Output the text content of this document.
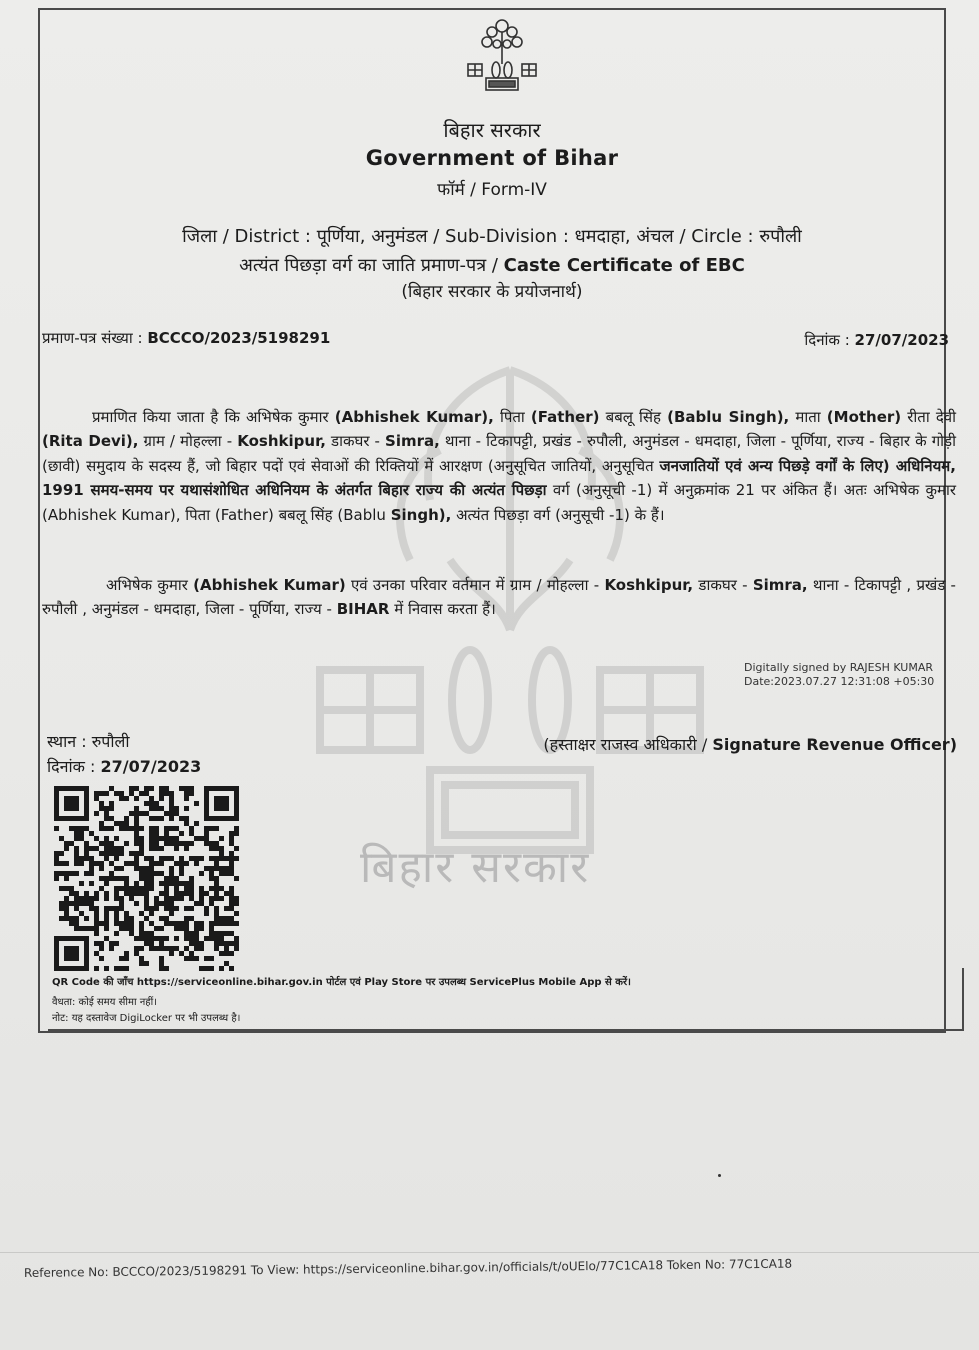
बिहार सरकार
बिहार सरकार
Government of Bihar
फॉर्म / Form-IV
जिला / District : पूर्णिया, अनुमंडल / Sub-Division : धमदाहा, अंचल / Circle : रुपौली
अत्यंत पिछड़ा वर्ग का जाति प्रमाण-पत्र / Caste Certificate of EBC
(बिहार सरकार के प्रयोजनार्थ)
प्रमाण-पत्र संख्या : BCCCO/2023/5198291	दिनांक : 27/07/2023
प्रमाणित किया जाता है कि अभिषेक कुमार (Abhishek Kumar), पिता (Father) बबलू सिंह (Bablu Singh), माता (Mother) रीता देवी (Rita Devi), ग्राम / मोहल्ला - Koshkipur, डाकघर - Simra, थाना - टिकापट्टी, प्रखंड - रुपौली, अनुमंडल - धमदाहा, जिला - पूर्णिया, राज्य - बिहार के गोड़ी (छावी) समुदाय के सदस्य हैं, जो बिहार पदों एवं सेवाओं की रिक्तियों में आरक्षण (अनुसूचित जातियों, अनुसूचित जनजातियों एवं अन्य पिछड़े वर्गों के लिए) अधिनियम, 1991 समय-समय पर यथासंशोधित अधिनियम के अंतर्गत बिहार राज्य की अत्यंत पिछड़ा वर्ग (अनुसूची -1) में अनुक्रमांक 21 पर अंकित हैं। अतः अभिषेक कुमार (Abhishek Kumar), पिता (Father) बबलू सिंह (Bablu Singh), अत्यंत पिछड़ा वर्ग (अनुसूची -1) के हैं।
अभिषेक कुमार (Abhishek Kumar) एवं उनका परिवार वर्तमान में ग्राम / मोहल्ला - Koshkipur, डाकघर - Simra, थाना - टिकापट्टी , प्रखंड - रुपौली , अनुमंडल - धमदाहा, जिला - पूर्णिया, राज्य - BIHAR में निवास करता हैं।
Digitally signed by RAJESH KUMAR
Date:2023.07.27 12:31:08 +05:30
स्थान : रुपौली
दिनांक : 27/07/2023
(हस्ताक्षर राजस्व अधिकारी / Signature Revenue Officer)
QR Code की जाँच https://serviceonline.bihar.gov.in पोर्टल एवं Play Store पर उपलब्ध ServicePlus Mobile App से करें।
वैधता: कोई समय सीमा नहीं।
नोट: यह दस्तावेज DigiLocker पर भी उपलब्ध है।
Reference No: BCCCO/2023/5198291 To View: https://serviceonline.bihar.gov.in/officials/t/oUElo/77C1CA18 Token No: 77C1CA18
